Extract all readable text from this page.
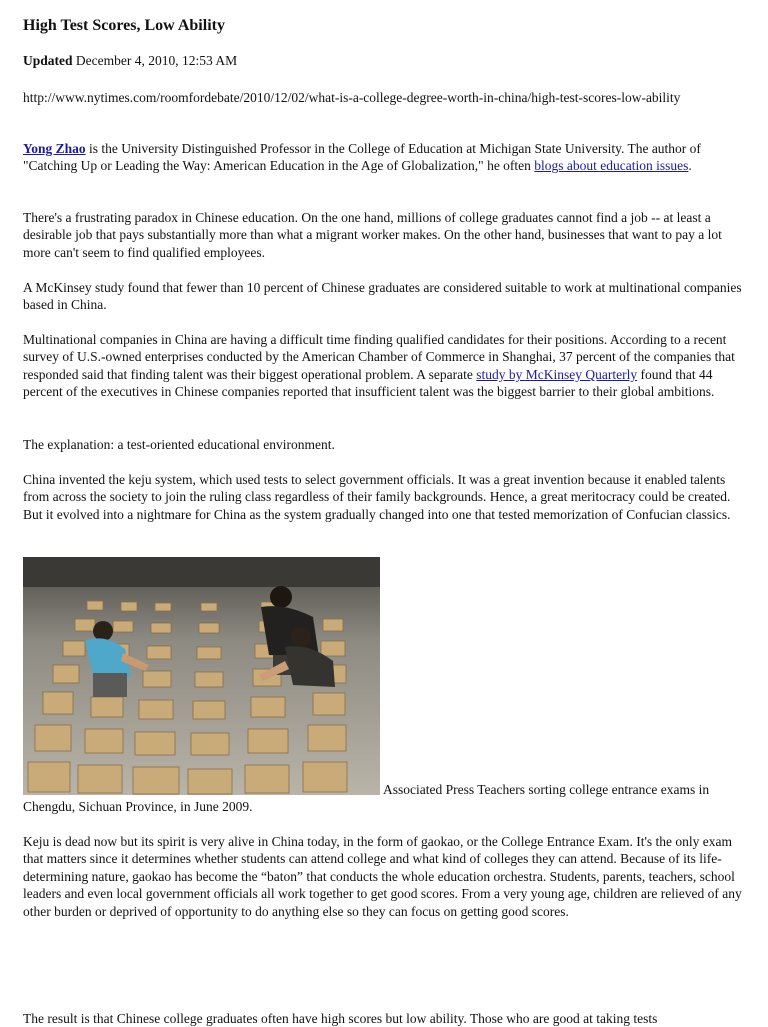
High Test Scores, Low Ability

Updated December 4, 2010, 12:53 AM

http://www.nytimes.com/roomfordebate/2010/12/02/what-is-a-college-degree-worth-in-china/high-test-scores-low-ability

Yong Zhao is the University Distinguished Professor in the College of Education at Michigan State University. The author of "Catching Up or Leading the Way: American Education in the Age of Globalization," he often blogs about education issues.

There's a frustrating paradox in Chinese education. On the one hand, millions of college graduates cannot find a job -- at least a desirable job that pays substantially more than what a migrant worker makes. On the other hand, businesses that want to pay a lot more can't seem to find qualified employees.

A McKinsey study found that fewer than 10 percent of Chinese graduates are considered suitable to work at multinational companies based in China.

Multinational companies in China are having a difficult time finding qualified candidates for their positions. According to a recent survey of U.S.-owned enterprises conducted by the American Chamber of Commerce in Shanghai, 37 percent of the companies that responded said that finding talent was their biggest operational problem. A separate study by McKinsey Quarterly found that 44 percent of the executives in Chinese companies reported that insufficient talent was the biggest barrier to their global ambitions.

The explanation: a test-oriented educational environment.

China invented the keju system, which used tests to select government officials. It was a great invention because it enabled talents from across the society to join the ruling class regardless of their family backgrounds. Hence, a great meritocracy could be created. But it evolved into a nightmare for China as the system gradually changed into one that tested memorization of Confucian classics.

Associated Press Teachers sorting college entrance exams in
Chengdu, Sichuan Province, in June 2009.

Keju is dead now but its spirit is very alive in China today, in the form of gaokao, or the College Entrance Exam. It's the only exam that matters since it determines whether students can attend college and what kind of colleges they can attend. Because of its life-determining nature, gaokao has become the “baton” that conducts the whole education orchestra. Students, parents, teachers, school leaders and even local government officials all work together to get good scores. From a very young age, children are relieved of any other burden or deprived of opportunity to do anything else so they can focus on getting good scores.

The result is that Chinese college graduates often have high scores but low ability. Those who are good at taking tests
